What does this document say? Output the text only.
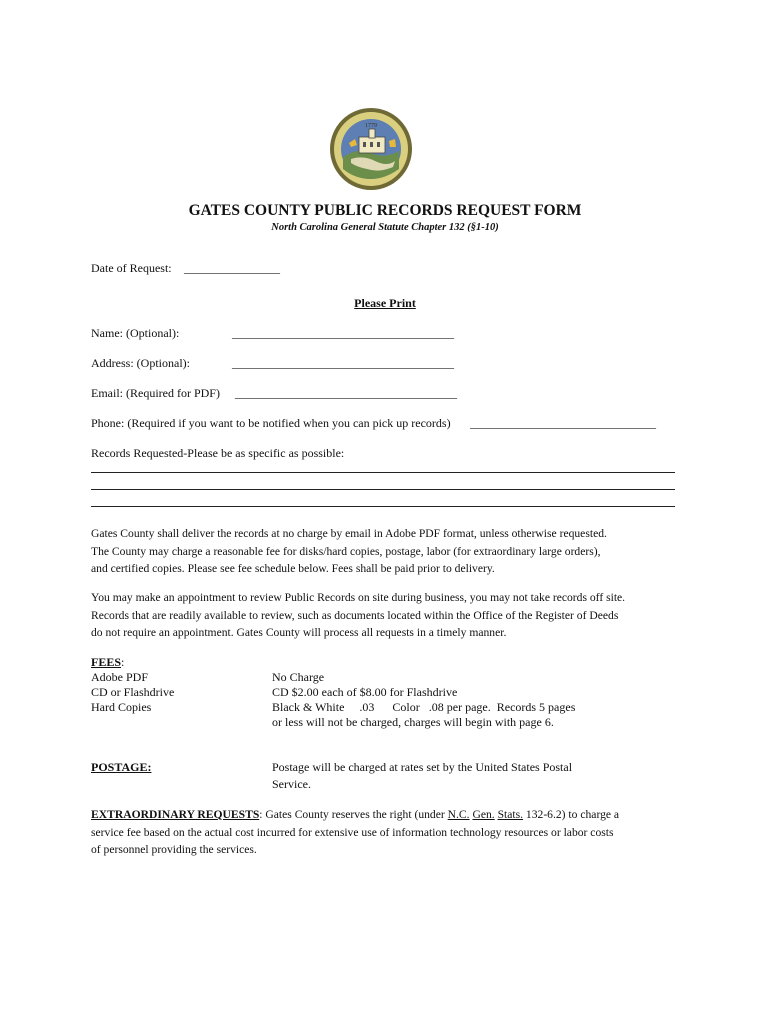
1779
GATES COUNTY PUBLIC RECORDS REQUEST FORM
North Carolina General Statute Chapter 132 (§1-10)
Date of Request: ________________
Please Print
Name: (Optional):	_____________________________________
Address: (Optional):	_____________________________________
Email: (Required for PDF) _____________________________________
Phone: (Required if you want to be notified when you can pick up records) _______________________________
Records Requested-Please be as specific as possible:
Gates County shall deliver the records at no charge by email in Adobe PDF format, unless otherwise requested.
The County may charge a reasonable fee for disks/hard copies, postage, labor (for extraordinary large orders),
and certified copies. Please see fee schedule below. Fees shall be paid prior to delivery.
You may make an appointment to review Public Records on site during business, you may not take records off site.
Records that are readily available to review, such as documents located within the Office of the Register of Deeds
do not require an appointment. Gates County will process all requests in a timely manner.
FEES:
Adobe PDF	No Charge
CD or Flashdrive	CD $2.00 each of $8.00 for Flashdrive
Hard Copies	Black & White     .03      Color   .08 per page.  Records 5 pages
or less will not be charged, charges will begin with page 6.
POSTAGE:	Postage will be charged at rates set by the United States Postal
Service.
EXTRAORDINARY REQUESTS: Gates County reserves the right (under N.C. Gen. Stats. 132-6.2) to charge a
service fee based on the actual cost incurred for extensive use of information technology resources or labor costs
of personnel providing the services.
